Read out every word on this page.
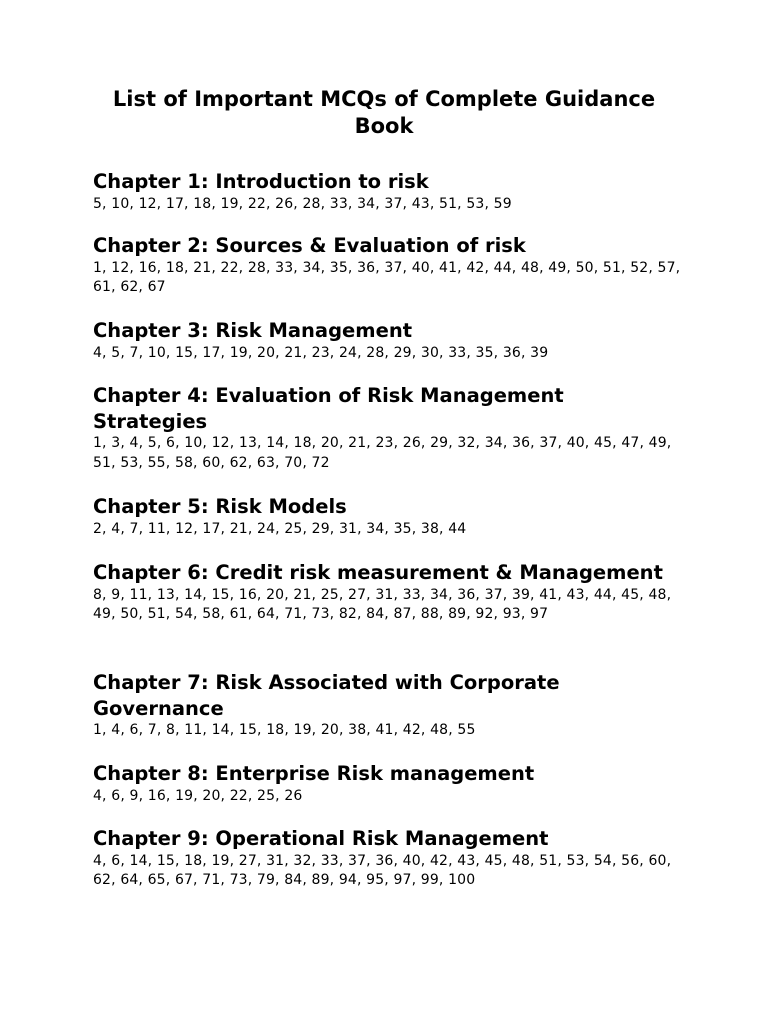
List of Important MCQs of Complete Guidance Book
Chapter 1: Introduction to risk

5, 10, 12, 17, 18, 19, 22, 26, 28, 33, 34, 37, 43, 51, 53, 59

Chapter 2: Sources & Evaluation of risk

1, 12, 16, 18, 21, 22, 28, 33, 34, 35, 36, 37, 40, 41, 42, 44, 48, 49, 50, 51, 52, 57, 61, 62, 67

Chapter 3: Risk Management

4, 5, 7, 10, 15, 17, 19, 20, 21, 23, 24, 28, 29, 30, 33, 35, 36, 39

Chapter 4: Evaluation of Risk Management Strategies

1, 3, 4, 5, 6, 10, 12, 13, 14, 18, 20, 21, 23, 26, 29, 32, 34, 36, 37, 40, 45, 47, 49, 51, 53, 55, 58, 60, 62, 63, 70, 72

Chapter 5: Risk Models

2, 4, 7, 11, 12, 17, 21, 24, 25, 29, 31, 34, 35, 38, 44

Chapter 6: Credit risk measurement & Management

8, 9, 11, 13, 14, 15, 16, 20, 21, 25, 27, 31, 33, 34, 36, 37, 39, 41, 43, 44, 45, 48, 49, 50, 51, 54, 58, 61, 64, 71, 73, 82, 84, 87, 88, 89, 92, 93, 97

Chapter 7: Risk Associated with Corporate Governance

1, 4, 6, 7, 8, 11, 14, 15, 18, 19, 20, 38, 41, 42, 48, 55

Chapter 8: Enterprise Risk management

4, 6, 9, 16, 19, 20, 22, 25, 26

Chapter 9: Operational Risk Management

4, 6, 14, 15, 18, 19, 27, 31, 32, 33, 37, 36, 40, 42, 43, 45, 48, 51, 53, 54, 56, 60, 62, 64, 65, 67, 71, 73, 79, 84, 89, 94, 95, 97, 99, 100
